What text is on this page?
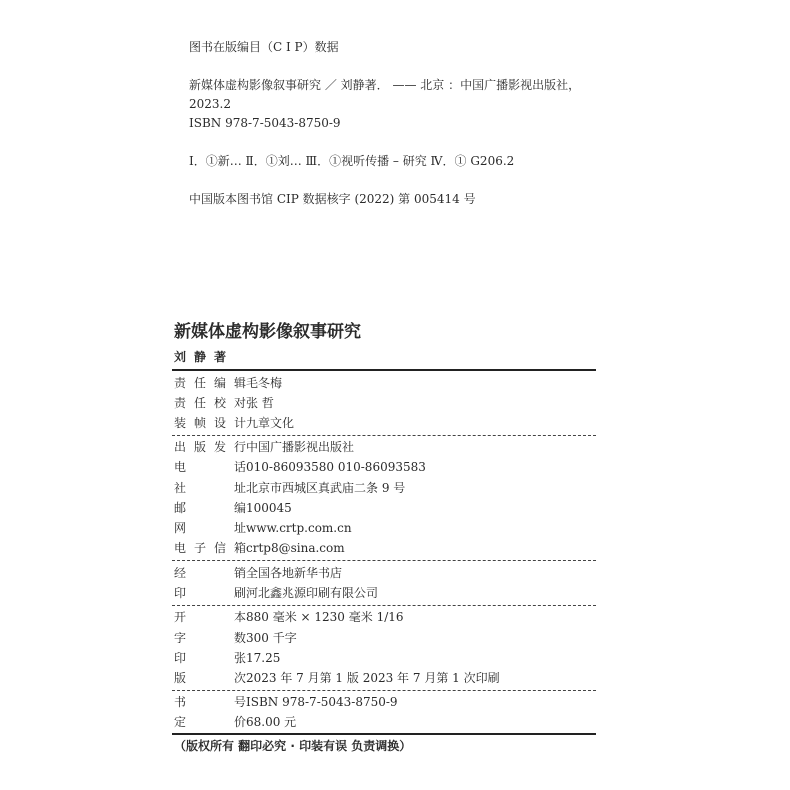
图书在版编目（C I P）数据
新媒体虚构影像叙事研究 ／ 刘静著． —— 北京 ：中国广播影视出版社，
2023.2
ISBN 978-7-5043-8750-9
Ⅰ．①新… Ⅱ．①刘… Ⅲ．①视听传播 – 研究 Ⅳ．① G206.2
中国版本图书馆 CIP 数据核字 (2022) 第 005414 号
新媒体虚构影像叙事研究
刘静著
责任编辑毛冬梅
责任校对张 哲
装帧设计九章文化
出版发行中国广播影视出版社
电话010-86093580 010-86093583
社址北京市西城区真武庙二条 9 号
邮编100045
网址www.crtp.com.cn
电子信箱crtp8@sina.com
经销全国各地新华书店
印刷河北鑫兆源印刷有限公司
开本880 毫米 × 1230 毫米 1/16
字数300 千字
印张17.25
版次2023 年 7 月第 1 版 2023 年 7 月第 1 次印刷
书号ISBN 978-7-5043-8750-9
定价68.00 元
（版权所有 翻印必究 · 印装有误 负责调换）
